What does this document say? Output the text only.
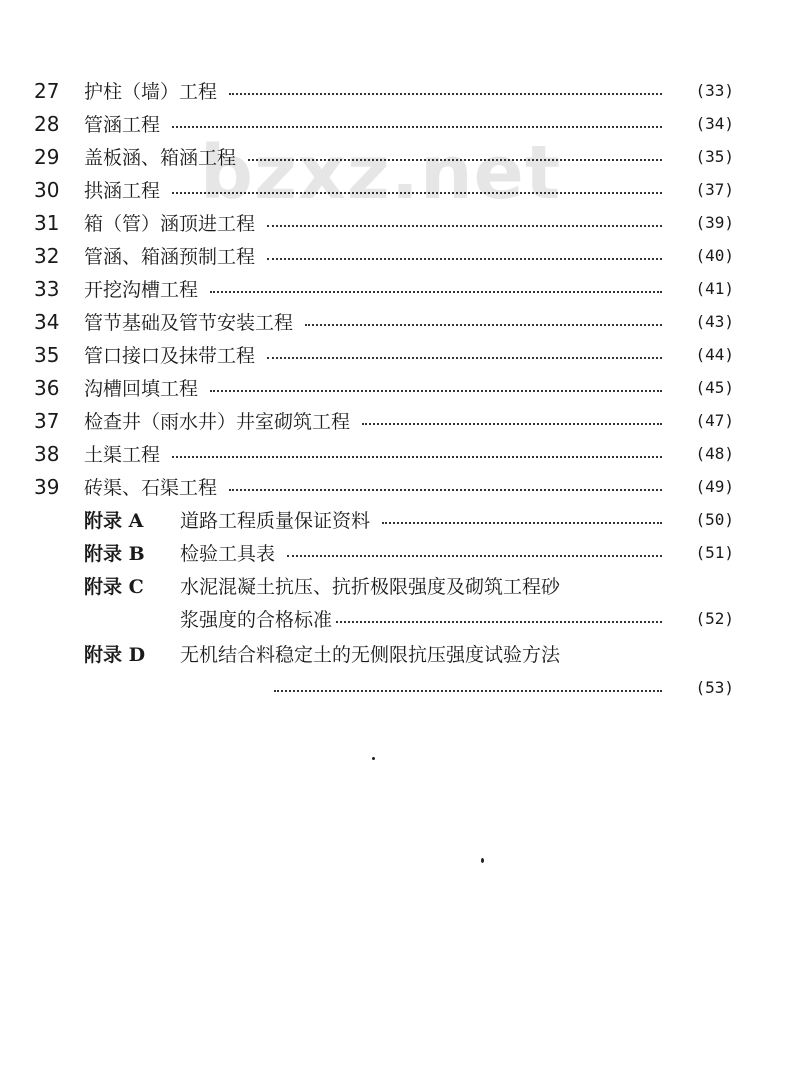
bzxz.net
27	护柱（墙）工程	(33)
28	管涵工程	(34)
29	盖板涵、箱涵工程	(35)
30	拱涵工程	(37)
31	箱（管）涵顶进工程	(39)
32	管涵、箱涵预制工程	(40)
33	开挖沟槽工程	(41)
34	管节基础及管节安装工程	(43)
35	管口接口及抹带工程	(44)
36	沟槽回填工程	(45)
37	检查井（雨水井）井室砌筑工程	(47)
38	土渠工程	(48)
39	砖渠、石渠工程	(49)
附录 A	道路工程质量保证资料	(50)
附录 B	检验工具表	(51)
附录 C	水泥混凝土抗压、抗折极限强度及砌筑工程砂
浆强度的合格标准	(52)
附录 D	无机结合料稳定土的无侧限抗压强度试验方法
(53)
